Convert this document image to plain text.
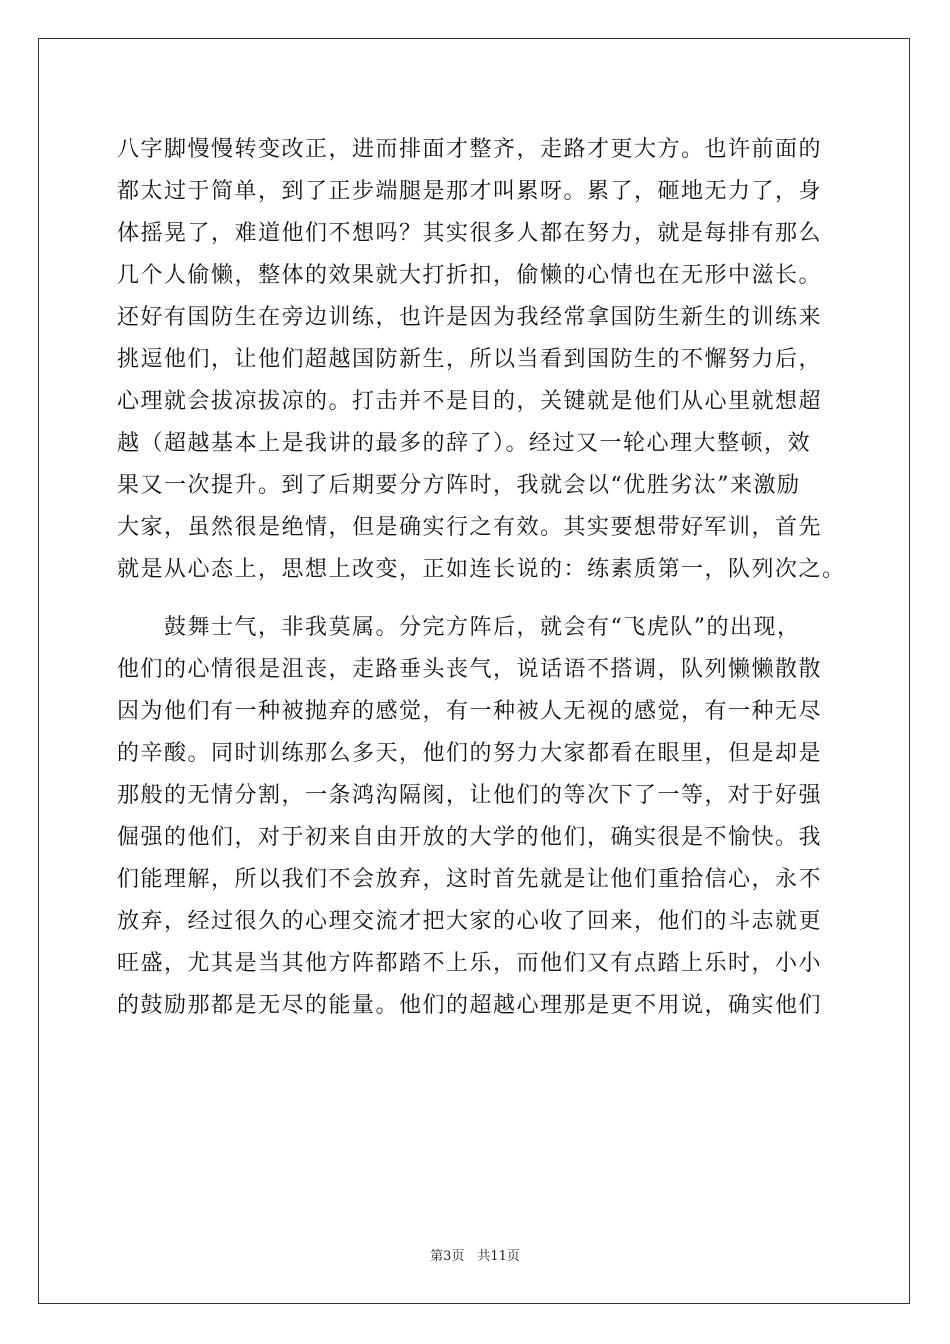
八字脚慢慢转变改正，进而排面才整齐，走路才更大方。也许前面的
都太过于简单，到了正步端腿是那才叫累呀。累了，砸地无力了，身
体摇晃了，难道他们不想吗？其实很多人都在努力，就是每排有那么
几个人偷懒，整体的效果就大打折扣，偷懒的心情也在无形中滋长。
还好有国防生在旁边训练，也许是因为我经常拿国防生新生的训练来
挑逗他们，让他们超越国防新生，所以当看到国防生的不懈努力后，
心理就会拔凉拔凉的。打击并不是目的，关键就是他们从心里就想超
越（超越基本上是我讲的最多的辞了）。经过又一轮心理大整顿，效
果又一次提升。到了后期要分方阵时，我就会以“优胜劣汰”来激励
大家，虽然很是绝情，但是确实行之有效。其实要想带好军训，首先
就是从心态上，思想上改变，正如连长说的：练素质第一，队列次之。
　　鼓舞士气，非我莫属。分完方阵后，就会有“飞虎队”的出现，
他们的心情很是沮丧，走路垂头丧气，说话语不搭调，队列懒懒散散
因为他们有一种被抛弃的感觉，有一种被人无视的感觉，有一种无尽
的辛酸。同时训练那么多天，他们的努力大家都看在眼里，但是却是
那般的无情分割，一条鸿沟隔阂，让他们的等次下了一等，对于好强
倔强的他们，对于初来自由开放的大学的他们，确实很是不愉快。我
们能理解，所以我们不会放弃，这时首先就是让他们重拾信心，永不
放弃，经过很久的心理交流才把大家的心收了回来，他们的斗志就更
旺盛，尤其是当其他方阵都踏不上乐，而他们又有点踏上乐时，小小
的鼓励那都是无尽的能量。他们的超越心理那是更不用说，确实他们
第3页　共11页
